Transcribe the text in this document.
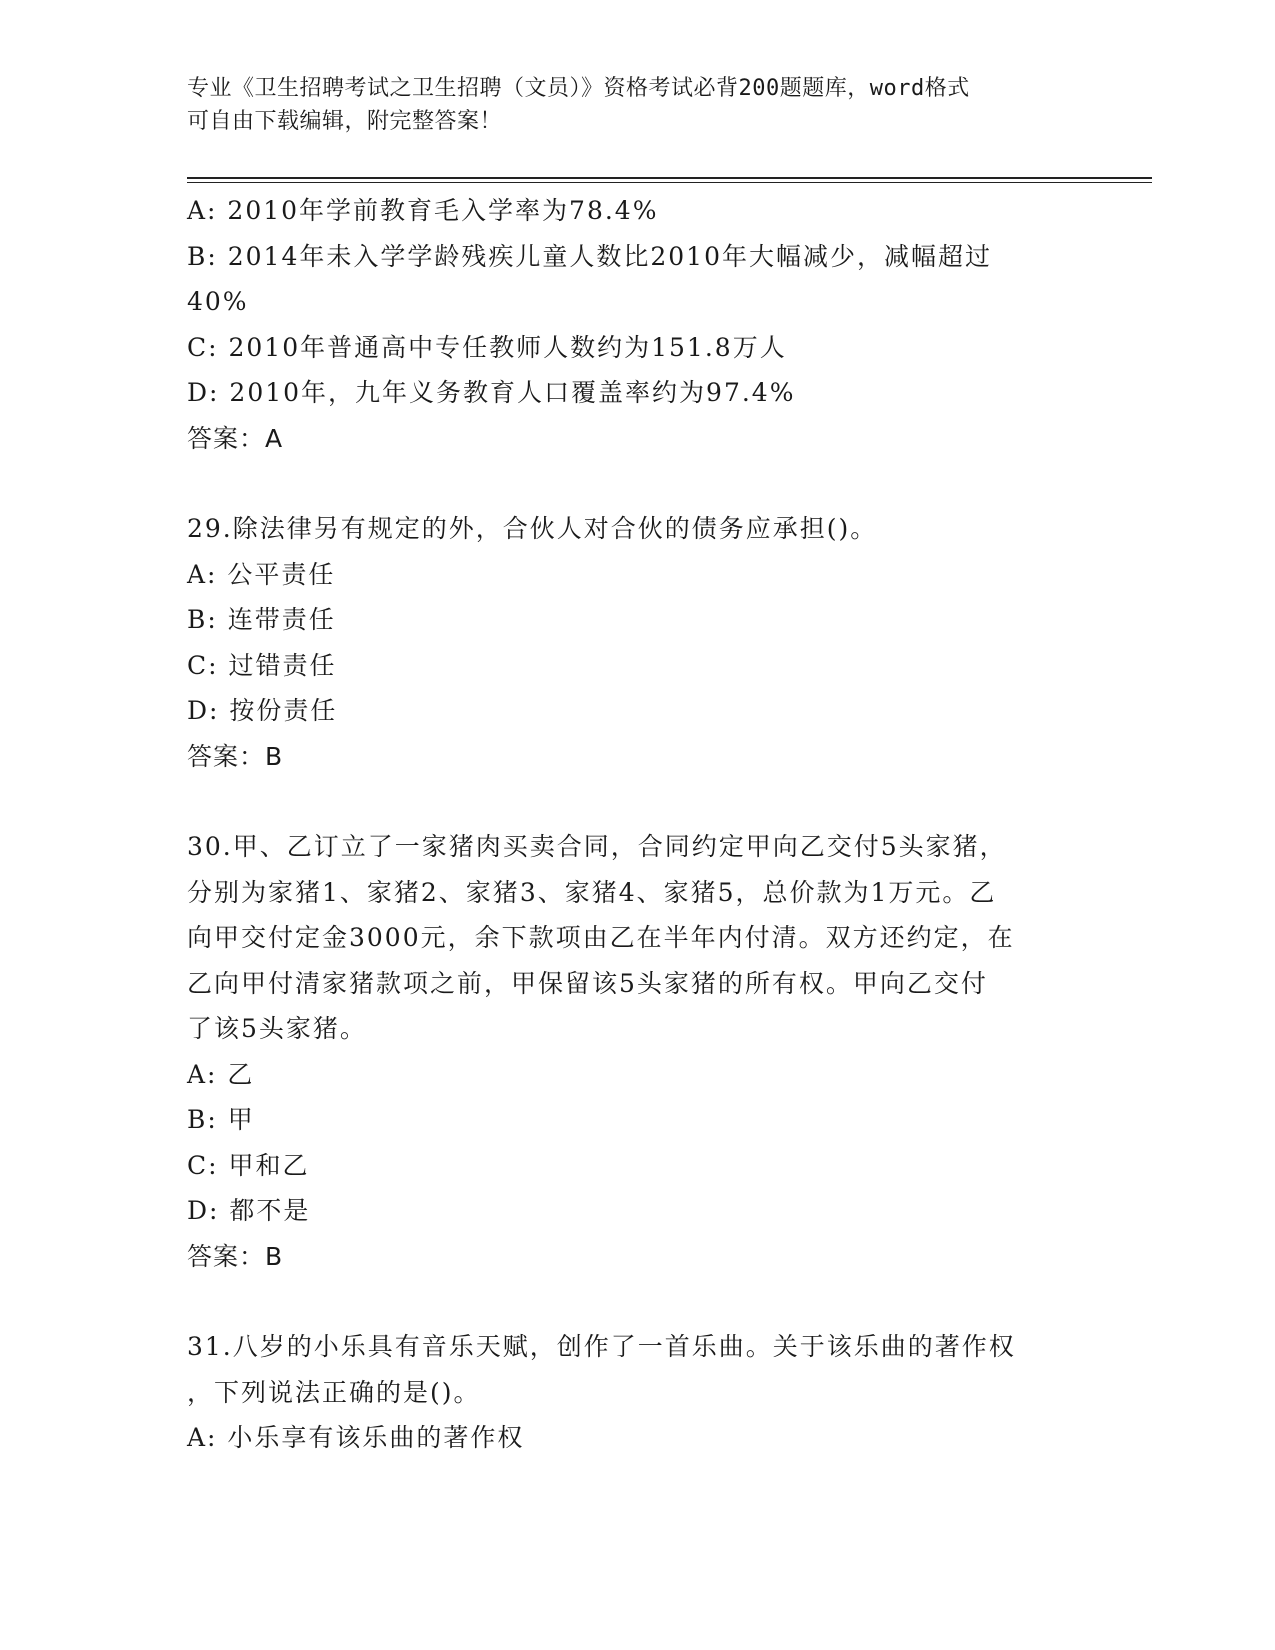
专业《卫生招聘考试之卫生招聘（文员）》资格考试必背200题题库，word格式
可自由下载编辑，附完整答案！
A: 2010年学前教育毛入学率为78.4%
B: 2014年未入学学龄残疾儿童人数比2010年大幅减少，减幅超过
40%
C: 2010年普通高中专任教师人数约为151.8万人
D: 2010年，九年义务教育人口覆盖率约为97.4%
答案：A
29.除法律另有规定的外，合伙人对合伙的债务应承担()。
A: 公平责任
B: 连带责任
C: 过错责任
D: 按份责任
答案：B
30.甲、乙订立了一家猪肉买卖合同，合同约定甲向乙交付5头家猪，
分别为家猪1、家猪2、家猪3、家猪4、家猪5，总价款为1万元。乙
向甲交付定金3000元，余下款项由乙在半年内付清。双方还约定，在
乙向甲付清家猪款项之前，甲保留该5头家猪的所有权。甲向乙交付
了该5头家猪。
A: 乙
B: 甲
C: 甲和乙
D: 都不是
答案：B
31.八岁的小乐具有音乐天赋，创作了一首乐曲。关于该乐曲的著作权
，下列说法正确的是()。
A: 小乐享有该乐曲的著作权
